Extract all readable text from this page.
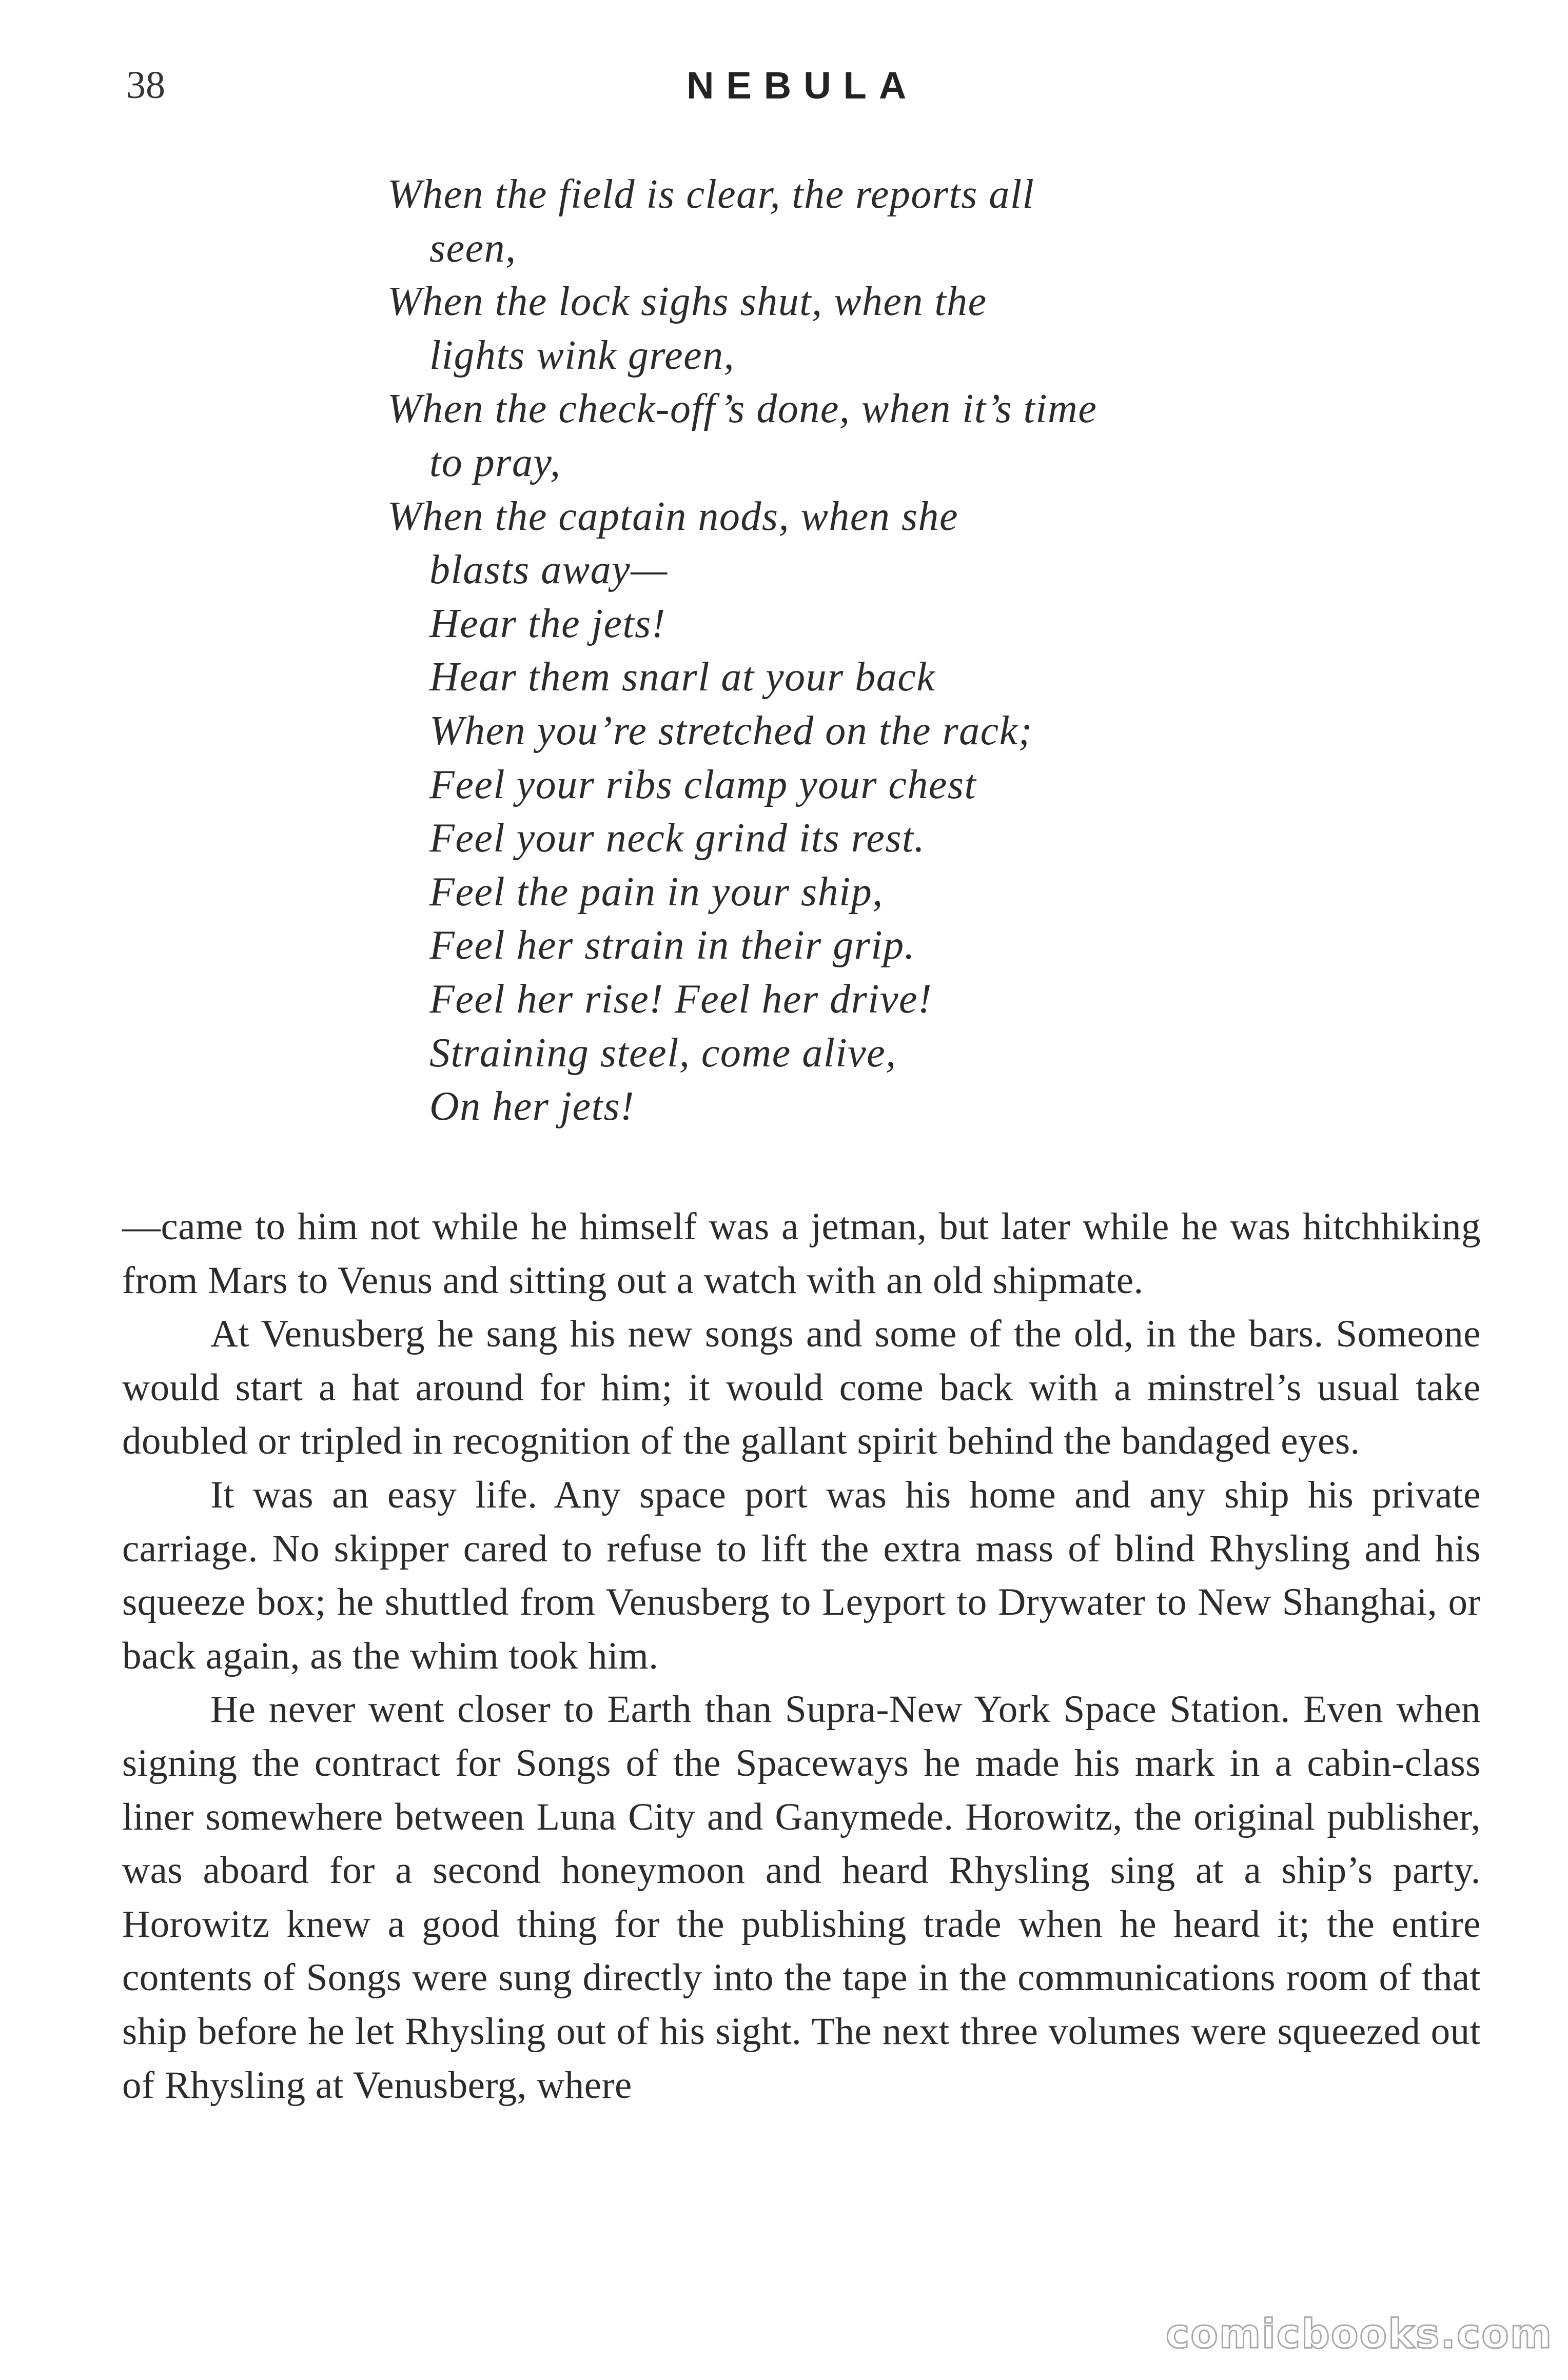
38	NEBULA
When the field is clear, the reports all
seen,
When the lock sighs shut, when the
lights wink green,
When the check-off’s done, when it’s time
to pray,
When the captain nods, when she
blasts away—
Hear the jets!
Hear them snarl at your back
When you’re stretched on the rack;
Feel your ribs clamp your chest
Feel your neck grind its rest.
Feel the pain in your ship,
Feel her strain in their grip.
Feel her rise! Feel her drive!
Straining steel, come alive,
On her jets!

—came to him not while he himself was a jetman, but later while he was hitchhiking from Mars to Venus and sitting out a watch with an old shipmate.

At Venusberg he sang his new songs and some of the old, in the bars. Someone would start a hat around for him; it would come back with a minstrel’s usual take doubled or tripled in recognition of the gallant spirit behind the bandaged eyes.

It was an easy life. Any space port was his home and any ship his private carriage. No skipper cared to refuse to lift the extra mass of blind Rhysling and his squeeze box; he shuttled from Venusberg to Leyport to Drywater to New Shanghai, or back again, as the whim took him.

He never went closer to Earth than Supra-New York Space Station. Even when signing the contract for Songs of the Spaceways he made his mark in a cabin-class liner somewhere between Luna City and Ganymede. Horowitz, the original publisher, was aboard for a second honeymoon and heard Rhysling sing at a ship’s party. Horowitz knew a good thing for the publishing trade when he heard it; the entire contents of Songs were sung directly into the tape in the communications room of that ship before he let Rhysling out of his sight. The next three volumes were squeezed out of Rhysling at Venusberg, where

comicbooks.com
